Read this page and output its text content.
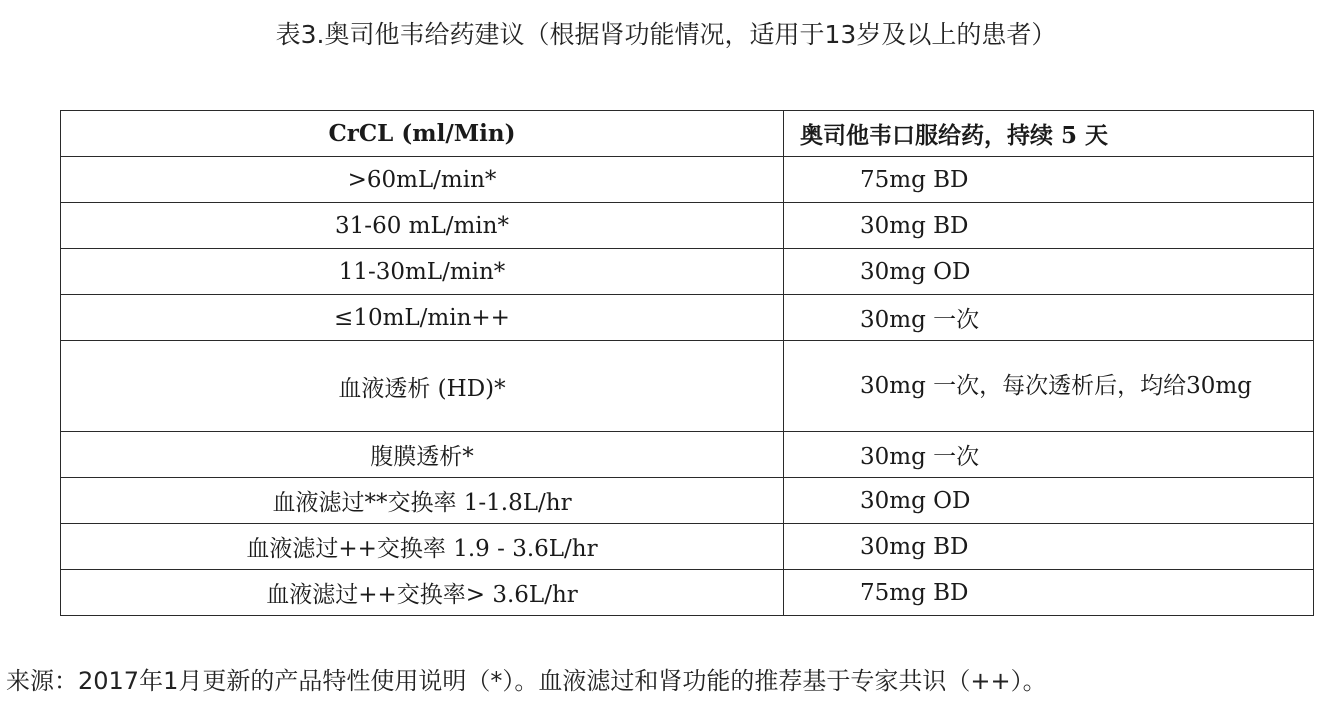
表3.奥司他韦给药建议（根据肾功能情况，适用于13岁及以上的患者）
CrCL (ml/Min)	奥司他韦口服给药，持续 5 天
>60mL/min*	75mg BD
31-60 mL/min*	30mg BD
11-30mL/min*	30mg OD
≤10mL/min++	30mg 一次
血液透析 (HD)*	30mg 一次，每次透析后，均给30mg
腹膜透析*	30mg 一次
血液滤过**交换率 1-1.8L/hr	30mg OD
血液滤过++交换率 1.9 - 3.6L/hr	30mg BD
血液滤过++交换率> 3.6L/hr	75mg BD
来源：2017年1月更新的产品特性使用说明（*）。血液滤过和肾功能的推荐基于专家共识（++）。
